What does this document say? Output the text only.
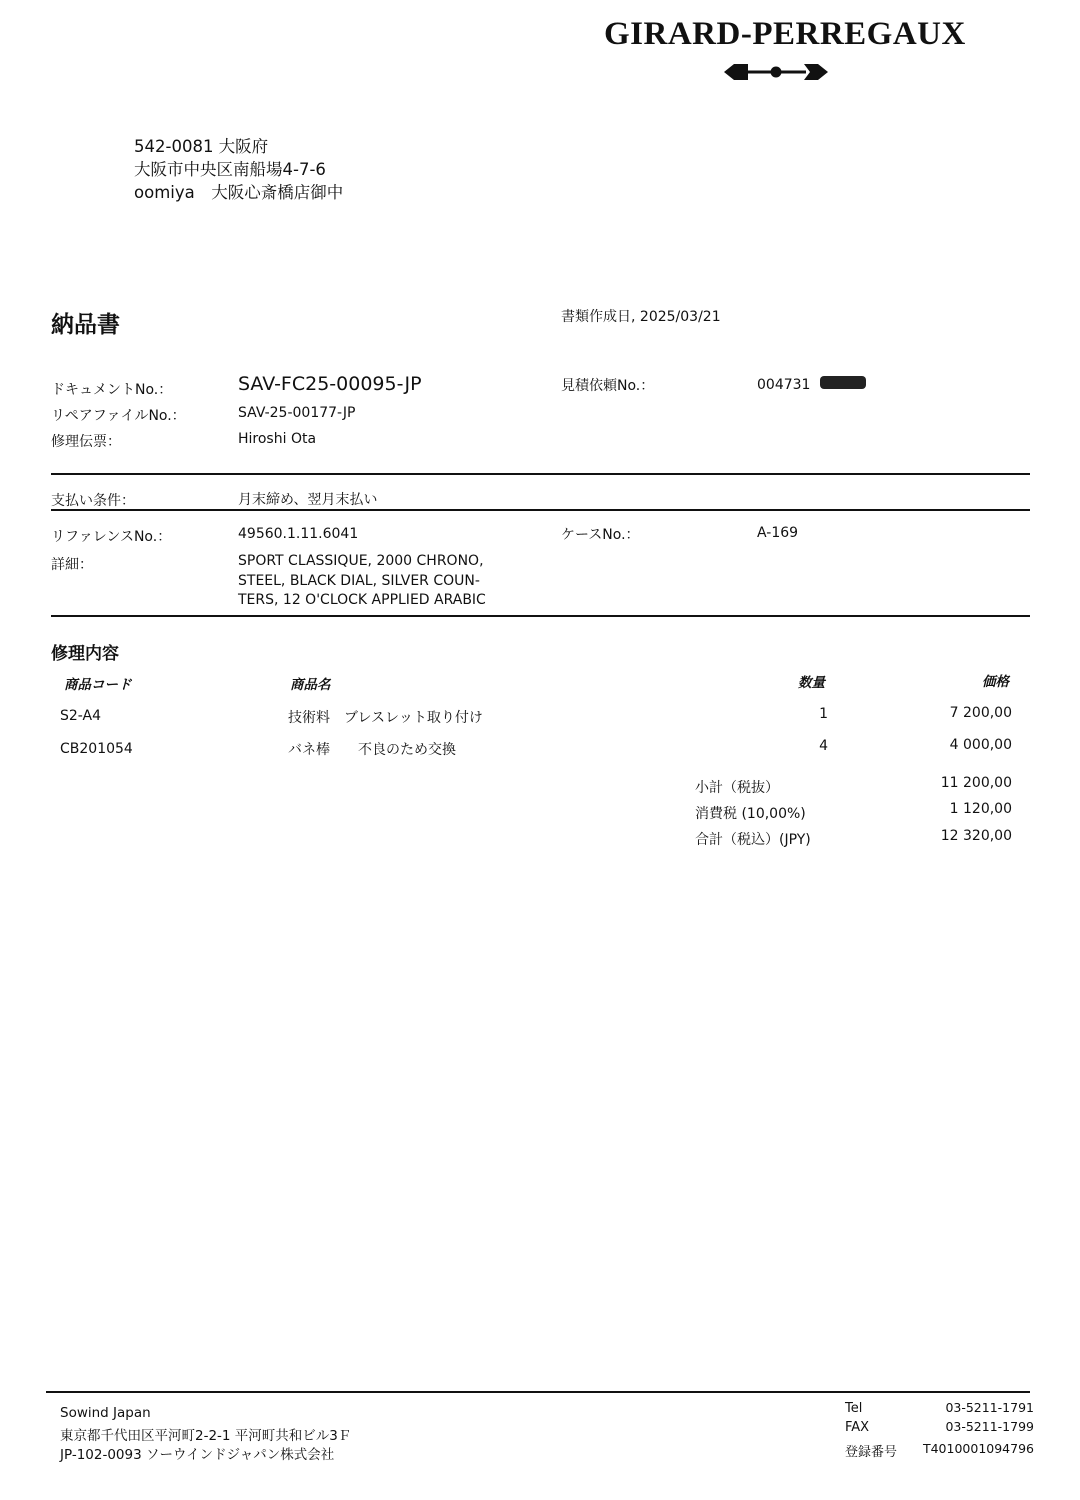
GIRARD-PERREGAUX
542-0081 大阪府
大阪市中央区南船場4-7-6
oomiya　大阪心斎橋店御中
納品書	書類作成日, 2025/03/21
ドキュメントNo.：	SAV-FC25-00095-JP
リペアファイルNo.：	SAV-25-00177-JP
修理伝票：	Hiroshi Ota
見積依頼No.：	004731
支払い条件：	月末締め、翌月末払い
リファレンスNo.：	49560.1.11.6041	ケースNo.：	A-169
詳細：	SPORT CLASSIQUE, 2000 CHRONO,
STEEL, BLACK DIAL, SILVER COUN-
TERS, 12 O'CLOCK APPLIED ARABIC
修理内容
商品コード	商品名	数量	価格
S2-A4	技術料　ブレスレット取り付け	1	7 200,00
CB201054	バネ棒　　不良のため交換	4	4 000,00
小計（税抜）	11 200,00
消費税 (10,00%)	1 120,00
合計（税込）(JPY)	12 320,00
Sowind Japan
東京都千代田区平河町2-2-1 平河町共和ビル3Ｆ
JP-102-0093 ソーウインドジャパン株式会社
Tel	03-5211-1791
FAX	03-5211-1799
登録番号 T4010001094796
